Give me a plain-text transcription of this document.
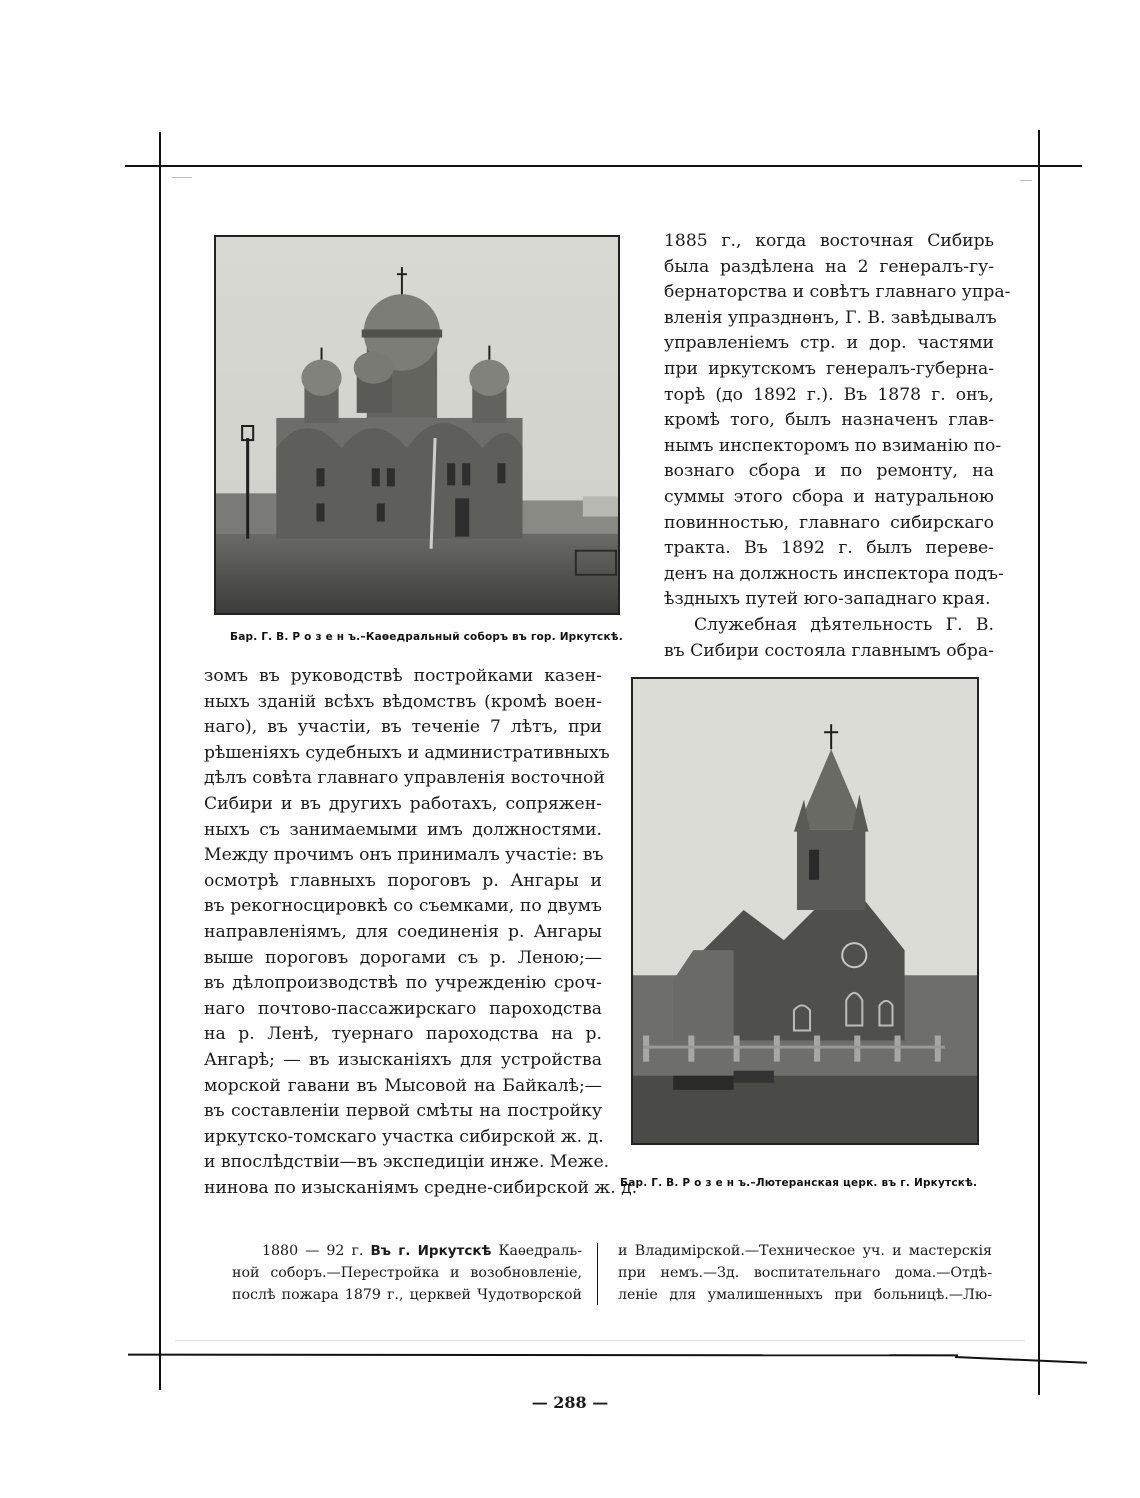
Бар. Г. В. Р о з е н ъ.–Каѳедральный соборъ въ гор. Иркутскѣ.
1885 г., когда восточная Сибирь
была раздѣлена на 2 генералъ-гу-
бернаторства и совѣтъ главнаго упра-
вленія упразднѳнъ, Г. В. завѣдывалъ
управленіемъ стр. и дор. частями
при иркутскомъ генералъ-губерна-
торѣ (до 1892 г.). Въ 1878 г. онъ,
кромѣ того, былъ назначенъ глав-
нымъ инспекторомъ по взиманію по-
вознаго сбора и по ремонту, на
суммы этого сбора и натуральною
повинностью, главнаго сибирскаго
тракта. Въ 1892 г. былъ переве-
денъ на должность инспектора подъ-
ѣздныхъ путей юго-западнаго края.
Служебная дѣятельность Г. В.
въ Сибири состояла главнымъ обра-
зомъ въ руководствѣ постройками казен-
ныхъ зданій всѣхъ вѣдомствъ (кромѣ воен-
наго), въ участіи, въ теченіе 7 лѣтъ, при
рѣшеніяхъ судебныхъ и административныхъ
дѣлъ совѣта главнаго управленія восточной
Сибири и въ другихъ работахъ, сопряжен-
ныхъ съ занимаемыми имъ должностями.
Между прочимъ онъ принималъ участіе: въ
осмотрѣ главныхъ пороговъ р. Ангары и
въ рекогносцировкѣ со съемками, по двумъ
направленіямъ, для соединенія р. Ангары
выше пороговъ дорогами съ р. Леною;—
въ дѣлопроизводствѣ по учрежденію сроч-
наго почтово-пассажирскаго пароходства
на р. Ленѣ, туернаго пароходства на р.
Ангарѣ; — въ изысканіяхъ для устройства
морской гавани въ Мысовой на Байкалѣ;—
въ составленіи первой смѣты на постройку
иркутско-томскаго участка сибирской ж. д.
и впослѣдствіи—въ экспедиціи инже. Меже.
нинова по изысканіямъ средне-сибирской ж. д.
Бар. Г. В. Р о з е н ъ.–Лютеранская церк. въ г. Иркутскѣ.
1880 — 92 г. Въ г. Иркутскѣ Каѳедраль-
ной соборъ.—Перестройка и возобновленіе,
послѣ пожара 1879 г., церквей Чудотворской
и Владимірской.—Техническое уч. и мастерскія
при немъ.—Зд. воспитательнаго дома.—Отдѣ-
леніе для умалишенныхъ при больницѣ.—Лю-
— 288 —
